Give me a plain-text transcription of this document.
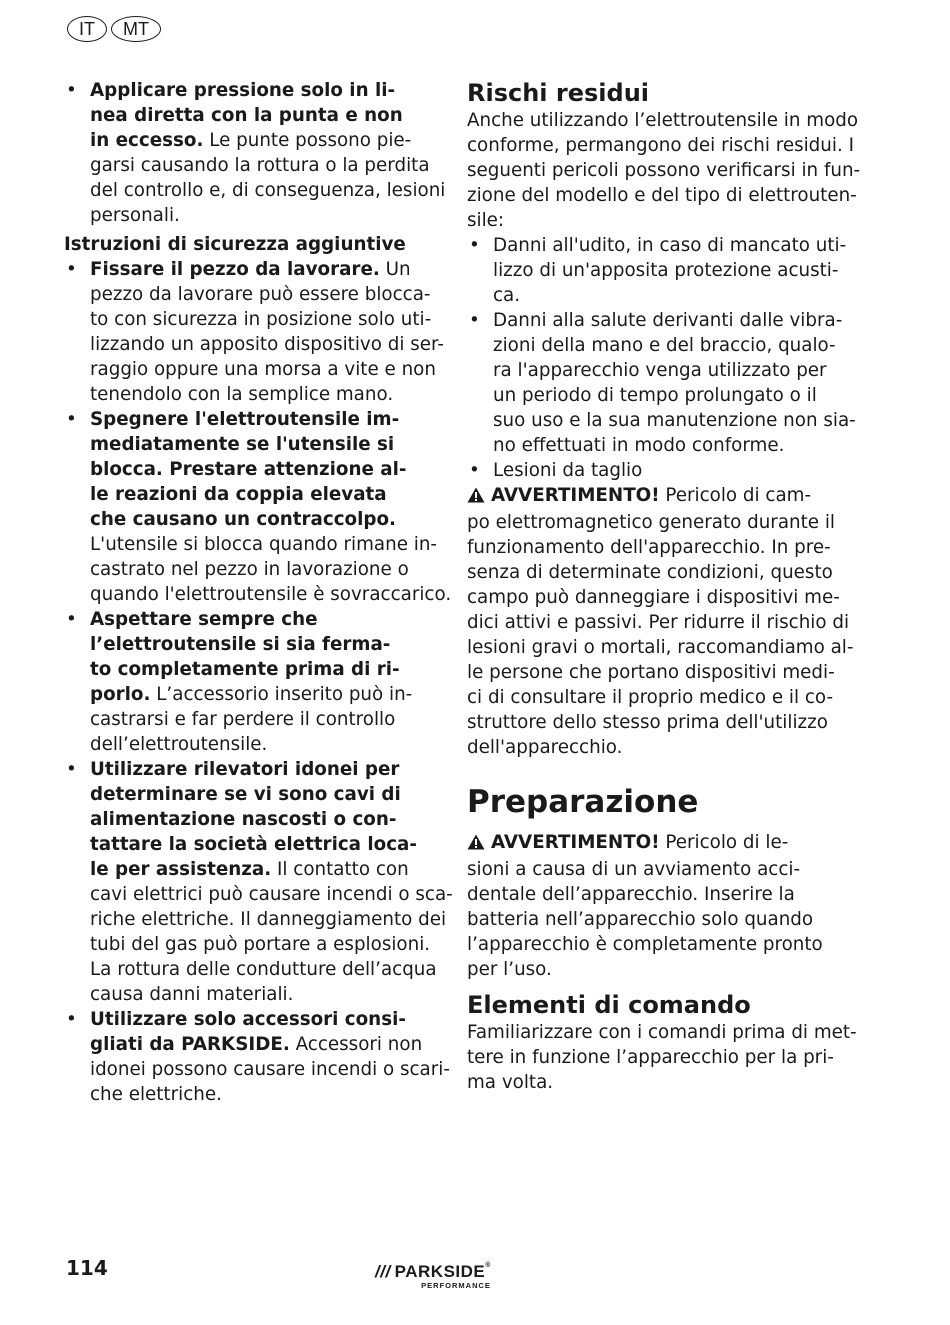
IT	MT
• Applicare pressione solo in li-
nea diretta con la punta e non
in eccesso. Le punte possono pie-
garsi causando la rottura o la perdita
del controllo e, di conseguenza, lesioni
personali.
Istruzioni di sicurezza aggiuntive
• Fissare il pezzo da lavorare. Un
pezzo da lavorare può essere blocca-
to con sicurezza in posizione solo uti-
lizzando un apposito dispositivo di ser-
raggio oppure una morsa a vite e non
tenendolo con la semplice mano.
• Spegnere l'elettroutensile im-
mediatamente se l'utensile si
blocca. Prestare attenzione al-
le reazioni da coppia elevata
che causano un contraccolpo.
L'utensile si blocca quando rimane in-
castrato nel pezzo in lavorazione o
quando l'elettroutensile è sovraccarico.
• Aspettare sempre che
l’elettroutensile si sia ferma-
to completamente prima di ri-
porlo. L’accessorio inserito può in-
castrarsi e far perdere il controllo
dell’elettroutensile.
• Utilizzare rilevatori idonei per
determinare se vi sono cavi di
alimentazione nascosti o con-
tattare la società elettrica loca-
le per assistenza. Il contatto con
cavi elettrici può causare incendi o sca-
riche elettriche. Il danneggiamento dei
tubi del gas può portare a esplosioni.
La rottura delle condutture dell’acqua
causa danni materiali.
• Utilizzare solo accessori consi-
gliati da PARKSIDE. Accessori non
idonei possono causare incendi o scari-
che elettriche.
Rischi residui
Anche utilizzando l’elettroutensile in modo
conforme, permangono dei rischi residui. I
seguenti pericoli possono verificarsi in fun-
zione del modello e del tipo di elettrouten-
sile:
• Danni all'udito, in caso di mancato uti-
lizzo di un'apposita protezione acusti-
ca.
• Danni alla salute derivanti dalle vibra-
zioni della mano e del braccio, qualo-
ra l'apparecchio venga utilizzato per
un periodo di tempo prolungato o il
suo uso e la sua manutenzione non sia-
no effettuati in modo conforme.
• Lesioni da taglio
AVVERTIMENTO! Pericolo di cam-
po elettromagnetico generato durante il
funzionamento dell'apparecchio. In pre-
senza di determinate condizioni, questo
campo può danneggiare i dispositivi me-
dici attivi e passivi. Per ridurre il rischio di
lesioni gravi o mortali, raccomandiamo al-
le persone che portano dispositivi medi-
ci di consultare il proprio medico e il co-
struttore dello stesso prima dell'utilizzo
dell'apparecchio.
Preparazione
AVVERTIMENTO! Pericolo di le-
sioni a causa di un avviamento acci-
dentale dell’apparecchio. Inserire la
batteria nell’apparecchio solo quando
l’apparecchio è completamente pronto
per l’uso.
Elementi di comando
Familiarizzare con i comandi prima di met-
tere in funzione l’apparecchio per la pri-
ma volta.
114	/// PARKSIDE®
PERFORMANCE
